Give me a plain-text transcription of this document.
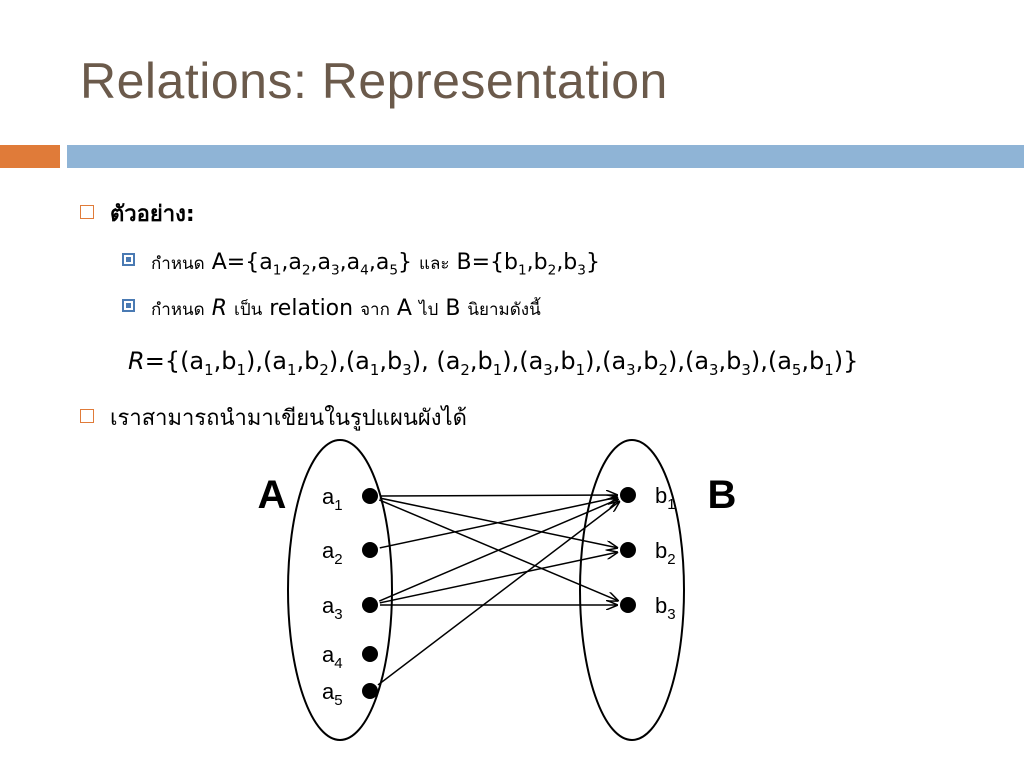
Relations: Representation
ตัวอย่าง:
กำหนด $A=\{a_1,a_2,a_3,a_4,a_5\}$ และ $B=\{b_1,b_2,b_3\}$
กำหนด R เป็น relation จาก A ไป B นิยามดังนี้
$R=\{(a_1,b_1),(a_1,b_2),(a_1,b_3)$, $(a_2,b_1),(a_3,b_1),(a_3,b_2),(a_3,b_3),(a_5,b_1)$}
เราสามารถนำมาเขียนในรูปแผนผังได้
A	B
$a_1$
$a_2$
$a_3$
$a_4$
$a_5$
$b_1$
$b_2$
$b_3$
